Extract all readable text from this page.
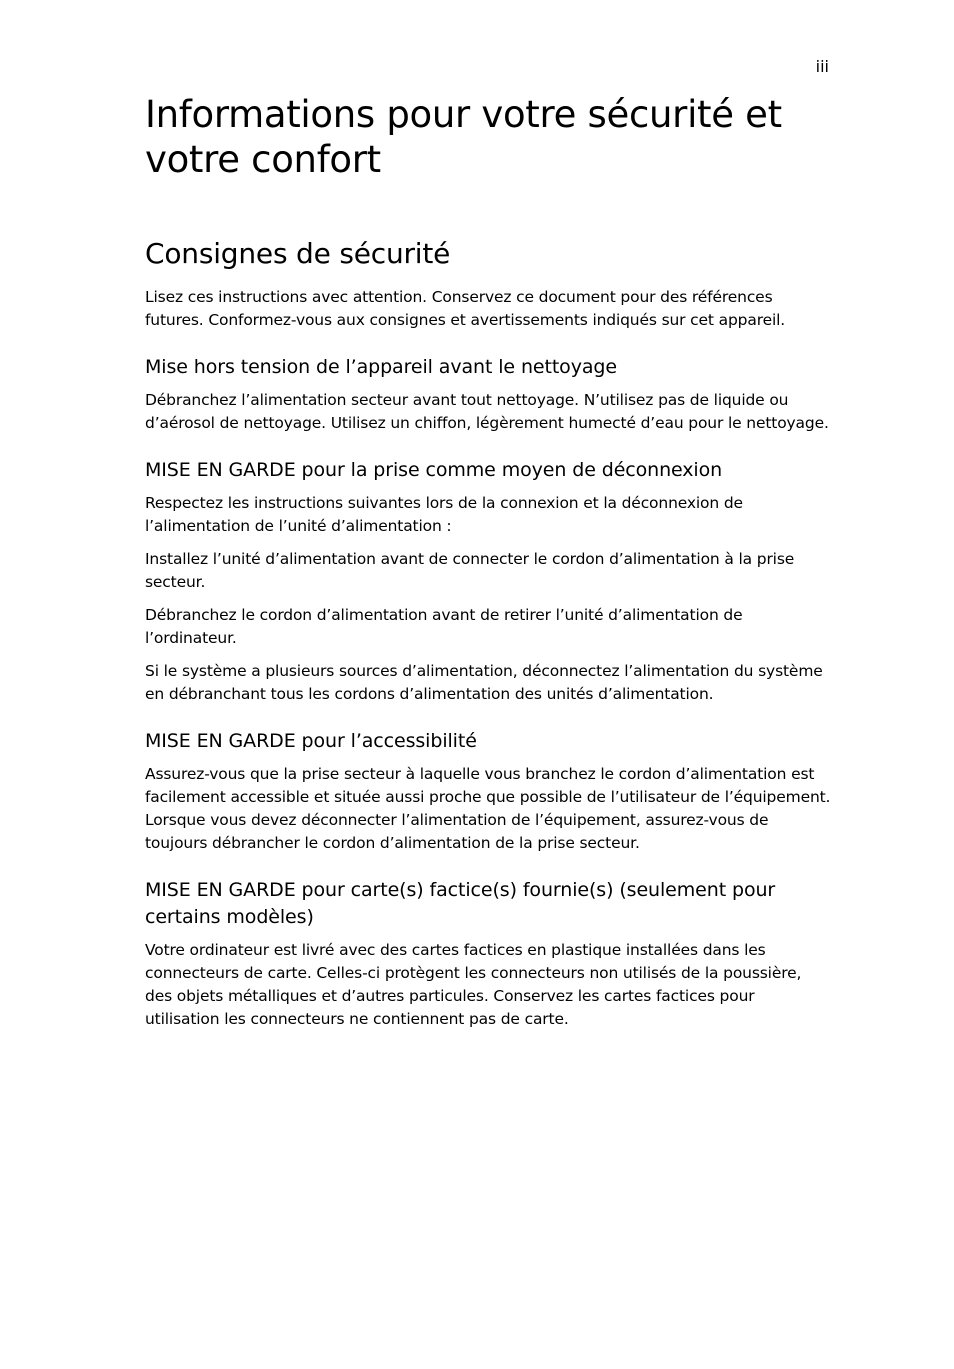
iii
Informations pour votre sécurité et votre confort
Consignes de sécurité

Lisez ces instructions avec attention. Conservez ce document pour des références futures. Conformez-vous aux consignes et avertissements indiqués sur cet appareil.

Mise hors tension de l’appareil avant le nettoyage

Débranchez l’alimentation secteur avant tout nettoyage. N’utilisez pas de liquide ou d’aérosol de nettoyage. Utilisez un chiffon, légèrement humecté d’eau pour le nettoyage.

MISE EN GARDE pour la prise comme moyen de déconnexion

Respectez les instructions suivantes lors de la connexion et la déconnexion de l’alimentation de l’unité d’alimentation :

Installez l’unité d’alimentation avant de connecter le cordon d’alimentation à la prise secteur.

Débranchez le cordon d’alimentation avant de retirer l’unité d’alimentation de l’ordinateur.

Si le système a plusieurs sources d’alimentation, déconnectez l’alimentation du système en débranchant tous les cordons d’alimentation des unités d’alimentation.

MISE EN GARDE pour l’accessibilité

Assurez-vous que la prise secteur à laquelle vous branchez le cordon d’alimentation est facilement accessible et située aussi proche que possible de l’utilisateur de l’équipement. Lorsque vous devez déconnecter l’alimentation de l’équipement, assurez-vous de toujours débrancher le cordon d’alimentation de la prise secteur.

MISE EN GARDE pour carte(s) factice(s) fournie(s) (seulement pour certains modèles)

Votre ordinateur est livré avec des cartes factices en plastique installées dans les connecteurs de carte. Celles-ci protègent les connecteurs non utilisés de la poussière, des objets métalliques et d’autres particules. Conservez les cartes factices pour utilisation les connecteurs ne contiennent pas de carte.
